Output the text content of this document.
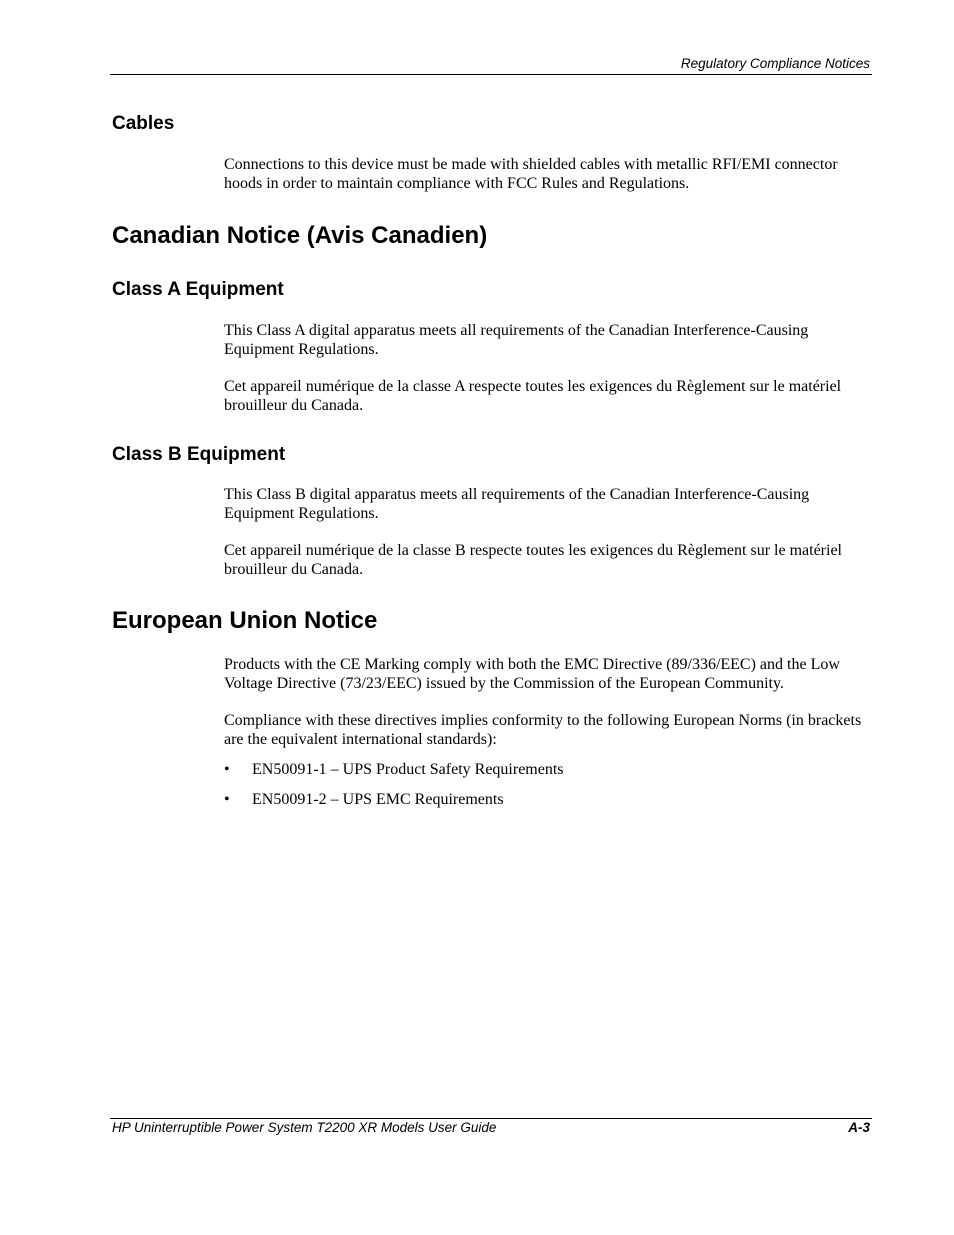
Regulatory Compliance Notices
Cables

Connections to this device must be made with shielded cables with metallic RFI/EMI connector hoods in order to maintain compliance with FCC Rules and Regulations.

Canadian Notice (Avis Canadien)
Class A Equipment

This Class A digital apparatus meets all requirements of the Canadian Interference-Causing Equipment Regulations.

Cet appareil numérique de la classe A respecte toutes les exigences du Règlement sur le matériel brouilleur du Canada.

Class B Equipment

This Class B digital apparatus meets all requirements of the Canadian Interference-Causing Equipment Regulations.

Cet appareil numérique de la classe B respecte toutes les exigences du Règlement sur le matériel brouilleur du Canada.

European Union Notice

Products with the CE Marking comply with both the EMC Directive (89/336/EEC) and the Low Voltage Directive (73/23/EEC) issued by the Commission of the European Community.

Compliance with these directives implies conformity to the following European Norms (in brackets are the equivalent international standards):

• EN50091-1 – UPS Product Safety Requirements

• EN50091-2 – UPS EMC Requirements

HP Uninterruptible Power System T2200 XR Models User Guide	A-3
